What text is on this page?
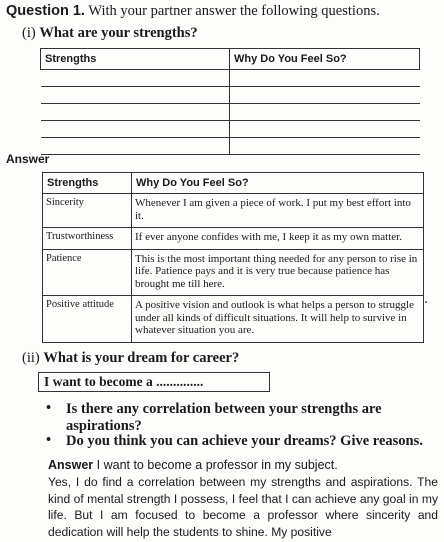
Question 1. With your partner answer the following questions.
(i) What are your strengths?
Strengths	Why Do You Feel So?

Answer
Strengths	Why Do You Feel So?
Sincerity	Whenever I am given a piece of work. I put my best effort into it.
Trustworthiness	If ever anyone confides with me, I keep it as my own matter.
Patience	This is the most important thing needed for any person to rise in life. Patience pays and it is very true because patience has brought me till here.
Positive attitude	A positive vision and outlook is what helps a person to struggle under all kinds of difficult situations. It will help to survive in whatever situation you are.
(ii) What is your dream for career?
I want to become a ..............
• Is there any correlation between your strengths are aspirations?
• Do you think you can achieve your dreams? Give reasons.
Answer I want to become a professor in my subject.
Yes, I do find a correlation between my strengths and aspirations. The kind of mental strength I possess, I feel that I can achieve any goal in my life. But I am focused to become a professor where sincerity and dedication will help the students to shine. My positive
